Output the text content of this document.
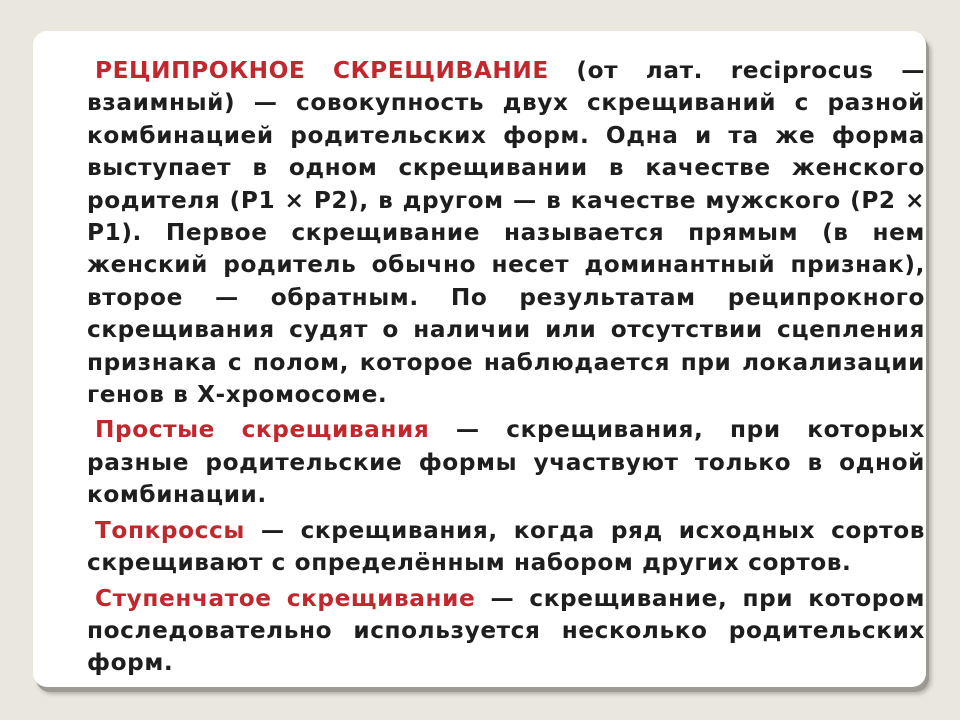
РЕЦИПРОКНОЕ СКРЕЩИВАНИЕ (от лат. reciprocus — взаимный) — совокупность двух скрещиваний с разной комбинацией родительских форм. Одна и та же форма выступает в одном скрещивании в качестве женского родителя (P1 × P2), в другом — в качестве мужского (P2 × P1). Первое скрещивание называется прямым (в нем женский родитель обычно несет доминантный признак), второе — обратным. По результатам реципрокного скрещивания судят о наличии или отсутствии сцепления признака с полом, которое наблюдается при локализации генов в Х-хромосоме.

Простые скрещивания — скрещивания, при которых разные родительские формы участвуют только в одной комбинации.

Топкроссы — скрещивания, когда ряд исходных сортов скрещивают с определённым набором других сортов.

Ступенчатое скрещивание — скрещивание, при котором последовательно используется несколько родительских форм.
